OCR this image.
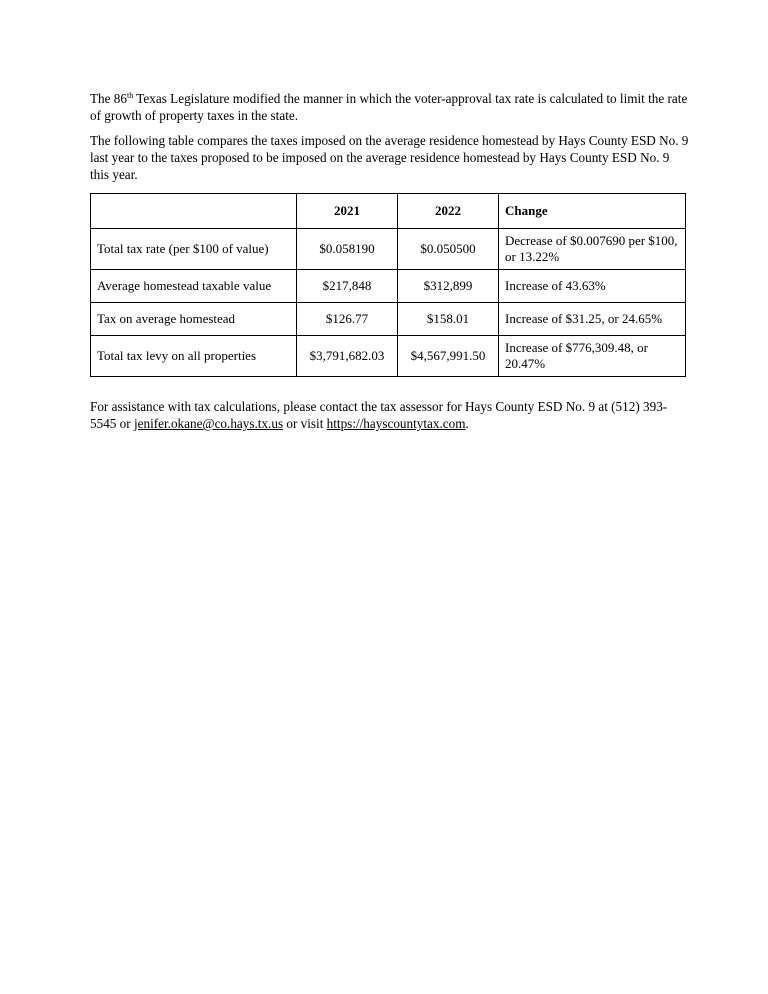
The 86th Texas Legislature modified the manner in which the voter-approval tax rate is calculated to limit the rate of growth of property taxes in the state.

The following table compares the taxes imposed on the average residence homestead by Hays County ESD No. 9 last year to the taxes proposed to be imposed on the average residence homestead by Hays County ESD No. 9 this year.

	2021	2022	Change
Total tax rate (per $100 of value)	$0.058190	$0.050500	Decrease of $0.007690 per $100, or 13.22%
Average homestead taxable value	$217,848	$312,899	Increase of 43.63%
Tax on average homestead	$126.77	$158.01	Increase of $31.25, or 24.65%
Total tax levy on all properties	$3,791,682.03	$4,567,991.50	Increase of $776,309.48, or 20.47%

For assistance with tax calculations, please contact the tax assessor for Hays County ESD No. 9 at (512) 393-5545 or jenifer.okane@co.hays.tx.us or visit https://hayscountytax.com.
